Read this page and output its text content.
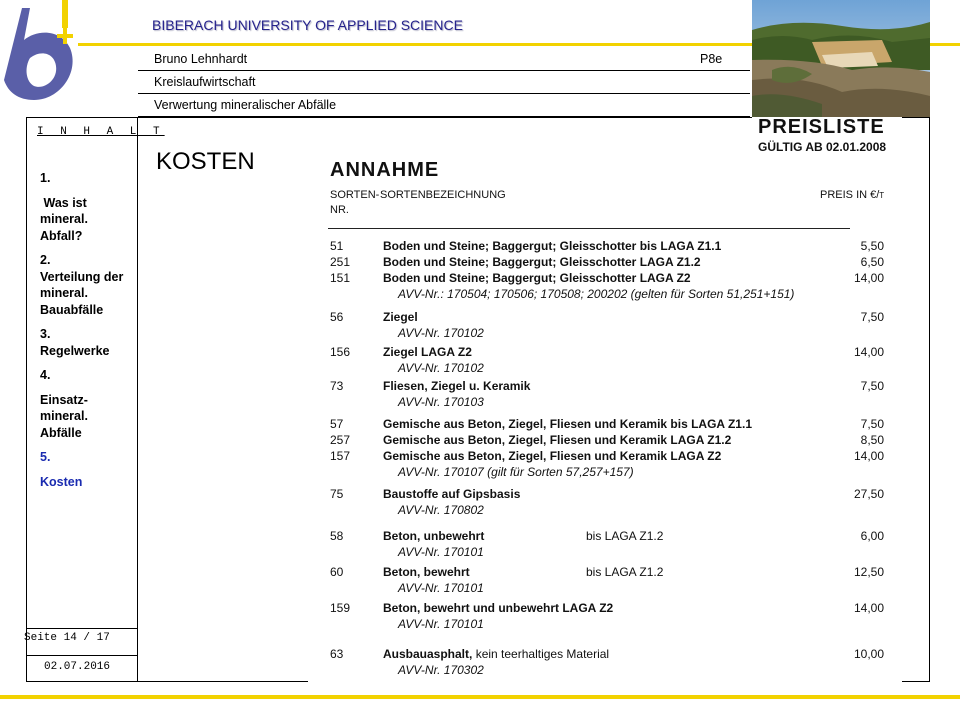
BIBERACH UNIVERSITY OF APPLIED SCIENCE
Bruno Lehnhardt	P8e
Kreislaufwirtschaft
Verwertung mineralischer Abfälle
I N H A L T
1.
Was ist mineral. Abfall?
2.
Verteilung der mineral. Bauabfälle
3.
Regelwerke
4.
Einsatz-mineral. Abfälle
5.
Kosten
Seite 14 / 17
02.07.2016
KOSTEN
PREISLISTE
GÜLTIG AB 02.01.2008
ANNAHME
SORTEN- SORTENBEZEICHNUNG
NR.
PREIS IN €/t
51	Boden und Steine; Baggergut; Gleisschotter bis LAGA Z1.1	5,50
251	Boden und Steine; Baggergut; Gleisschotter LAGA Z1.2	6,50
151	Boden und Steine; Baggergut; Gleisschotter LAGA Z2	14,00
AVV-Nr.: 170504; 170506; 170508; 200202 (gelten für Sorten 51,251+151)
56	Ziegel	7,50
AVV-Nr. 170102
156	Ziegel LAGA Z2	14,00
AVV-Nr. 170102
73	Fliesen, Ziegel u. Keramik	7,50
AVV-Nr. 170103
57	Gemische aus Beton, Ziegel, Fliesen und Keramik bis LAGA Z1.1	7,50
257	Gemische aus Beton, Ziegel, Fliesen und Keramik LAGA Z1.2	8,50
157	Gemische aus Beton, Ziegel, Fliesen und Keramik LAGA Z2	14,00
AVV-Nr. 170107 (gilt für Sorten 57,257+157)
75	Baustoffe auf Gipsbasis	27,50
AVV-Nr. 170802
58	Beton, unbewehrt	bis LAGA Z1.2	6,00
AVV-Nr. 170101
60	Beton, bewehrt	bis LAGA Z1.2	12,50
AVV-Nr. 170101
159	Beton, bewehrt und unbewehrt LAGA Z2	14,00
AVV-Nr. 170101
63	Ausbauasphalt, kein teerhaltiges Material	10,00
AVV-Nr. 170302
